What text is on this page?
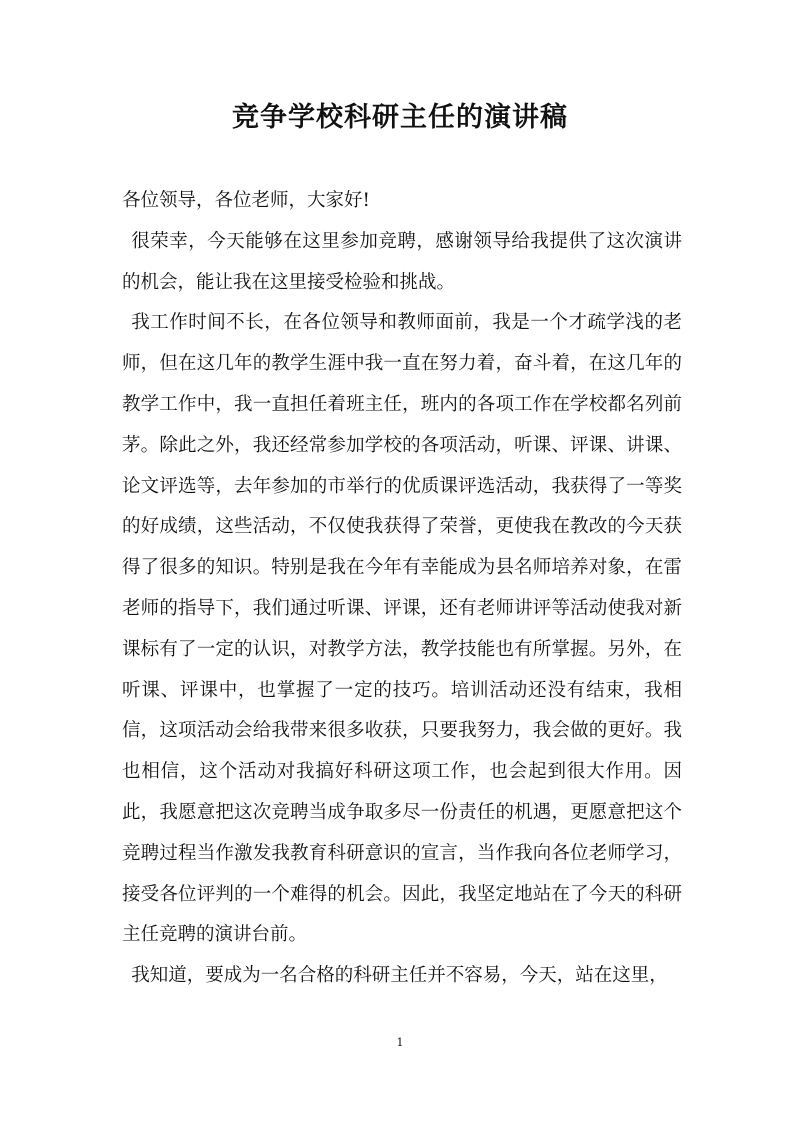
竞争学校科研主任的演讲稿

各位领导，各位老师，大家好!

很荣幸，今天能够在这里参加竞聘，感谢领导给我提供了这次演讲的机会，能让我在这里接受检验和挑战。

我工作时间不长，在各位领导和教师面前，我是一个才疏学浅的老师，但在这几年的教学生涯中我一直在努力着，奋斗着，在这几年的教学工作中，我一直担任着班主任，班内的各项工作在学校都名列前茅。除此之外，我还经常参加学校的各项活动，听课、评课、讲课、论文评选等，去年参加的市举行的优质课评选活动，我获得了一等奖的好成绩，这些活动，不仅使我获得了荣誉，更使我在教改的今天获得了很多的知识。特别是我在今年有幸能成为县名师培养对象，在雷老师的指导下，我们通过听课、评课，还有老师讲评等活动使我对新课标有了一定的认识，对教学方法，教学技能也有所掌握。另外，在听课、评课中，也掌握了一定的技巧。培训活动还没有结束，我相信，这项活动会给我带来很多收获，只要我努力，我会做的更好。我也相信，这个活动对我搞好科研这项工作，也会起到很大作用。因此，我愿意把这次竞聘当成争取多尽一份责任的机遇，更愿意把这个竞聘过程当作激发我教育科研意识的宣言，当作我向各位老师学习，接受各位评判的一个难得的机会。因此，我坚定地站在了今天的科研主任竞聘的演讲台前。

我知道，要成为一名合格的科研主任并不容易，今天，站在这里，

1
